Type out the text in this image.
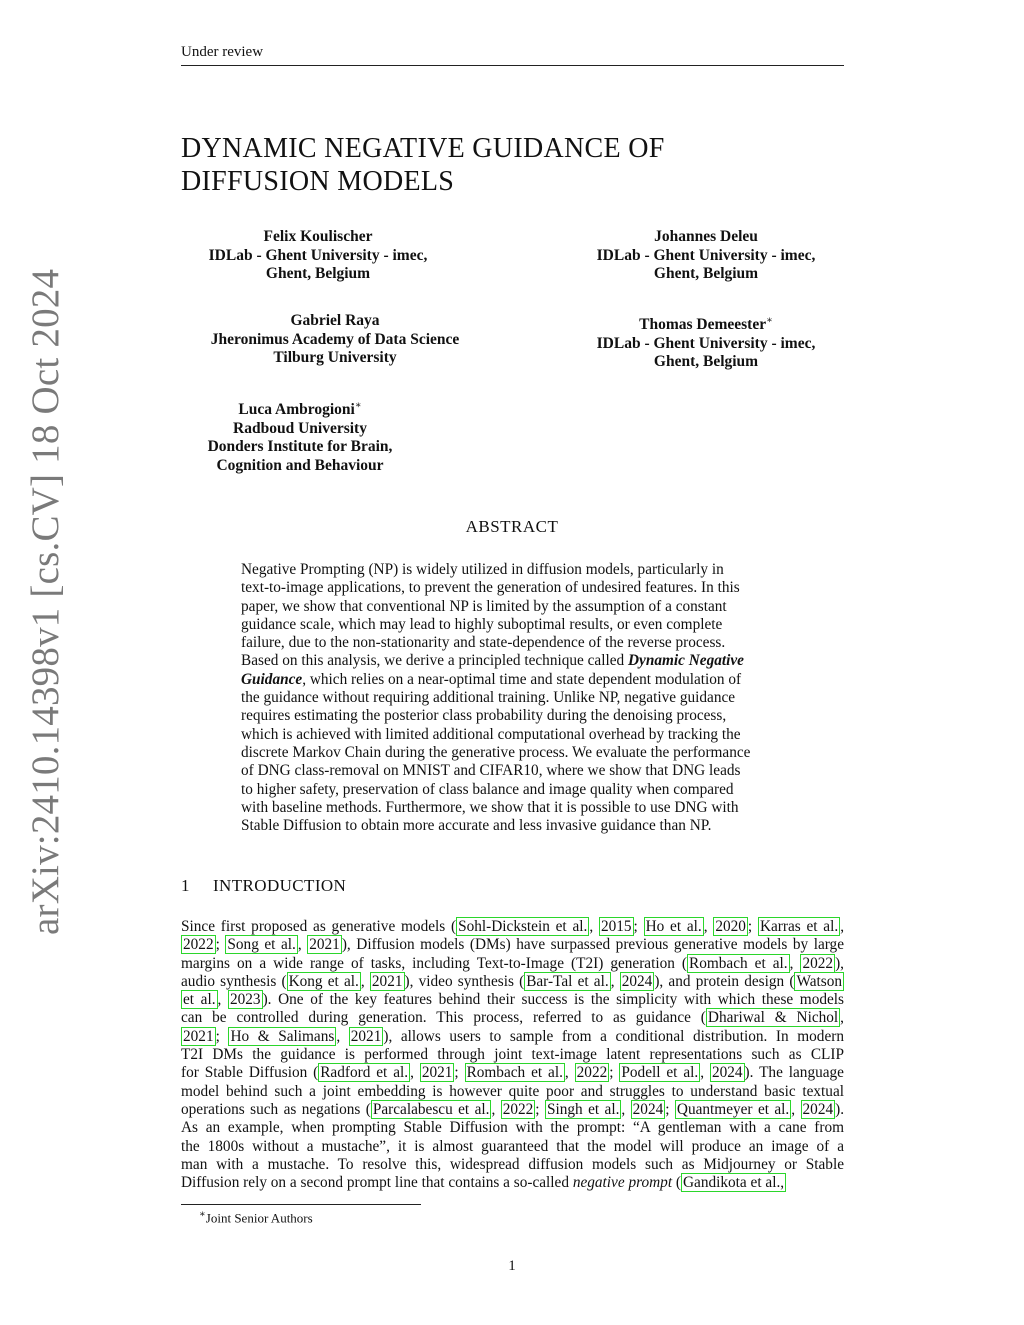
Under review
DYNAMIC NEGATIVE GUIDANCE OF
DIFFUSION MODELS
arXiv:2410.14398v1 [cs.CV] 18 Oct 2024
Felix Koulischer
IDLab - Ghent University - imec,
Ghent, Belgium
Johannes Deleu
IDLab - Ghent University - imec,
Ghent, Belgium
Gabriel Raya
Jheronimus Academy of Data Science
Tilburg University
Thomas Demeester∗
IDLab - Ghent University - imec,
Ghent, Belgium
Luca Ambrogioni∗
Radboud University
Donders Institute for Brain,
Cognition and Behaviour
ABSTRACT
Negative Prompting (NP) is widely utilized in diffusion models, particularly in
text-to-image applications, to prevent the generation of undesired features. In this
paper, we show that conventional NP is limited by the assumption of a constant
guidance scale, which may lead to highly suboptimal results, or even complete
failure, due to the non-stationarity and state-dependence of the reverse process.
Based on this analysis, we derive a principled technique called Dynamic Negative
Guidance, which relies on a near-optimal time and state dependent modulation of
the guidance without requiring additional training. Unlike NP, negative guidance
requires estimating the posterior class probability during the denoising process,
which is achieved with limited additional computational overhead by tracking the
discrete Markov Chain during the generative process. We evaluate the performance
of DNG class-removal on MNIST and CIFAR10, where we show that DNG leads
to higher safety, preservation of class balance and image quality when compared
with baseline methods. Furthermore, we show that it is possible to use DNG with
Stable Diffusion to obtain more accurate and less invasive guidance than NP.
1 INTRODUCTION
Since first proposed as generative models ( Sohl-Dickstein et al. , 2015 ; Ho et al. , 2020 ; Karras et al. ,
2022 ; Song et al. , 2021 ), Diffusion models (DMs) have surpassed previous generative models by large
margins on a wide range of tasks, including Text-to-Image (T2I) generation ( Rombach et al. , 2022 ),
audio synthesis ( Kong et al. , 2021 ), video synthesis ( Bar-Tal et al. , 2024 ), and protein design ( Watson
et al. , 2023 ). One of the key features behind their success is the simplicity with which these models
can be controlled during generation. This process, referred to as guidance ( Dhariwal & Nichol ,
2021 ; Ho & Salimans , 2021 ), allows users to sample from a conditional distribution. In modern
T2I DMs the guidance is performed through joint text-image latent representations such as CLIP
for Stable Diffusion ( Radford et al. , 2021 ; Rombach et al. , 2022 ; Podell et al. , 2024 ). The language
model behind such a joint embedding is however quite poor and struggles to understand basic textual
operations such as negations ( Parcalabescu et al. , 2022 ; Singh et al. , 2024 ; Quantmeyer et al. , 2024 ).
As an example, when prompting Stable Diffusion with the prompt: “A gentleman with a cane from
the 1800s without a mustache”, it is almost guaranteed that the model will produce an image of a
man with a mustache. To resolve this, widespread diffusion models such as Midjourney or Stable
Diffusion rely on a second prompt line that contains a so-called negative prompt ( Gandikota et al.,
∗Joint Senior Authors
1
